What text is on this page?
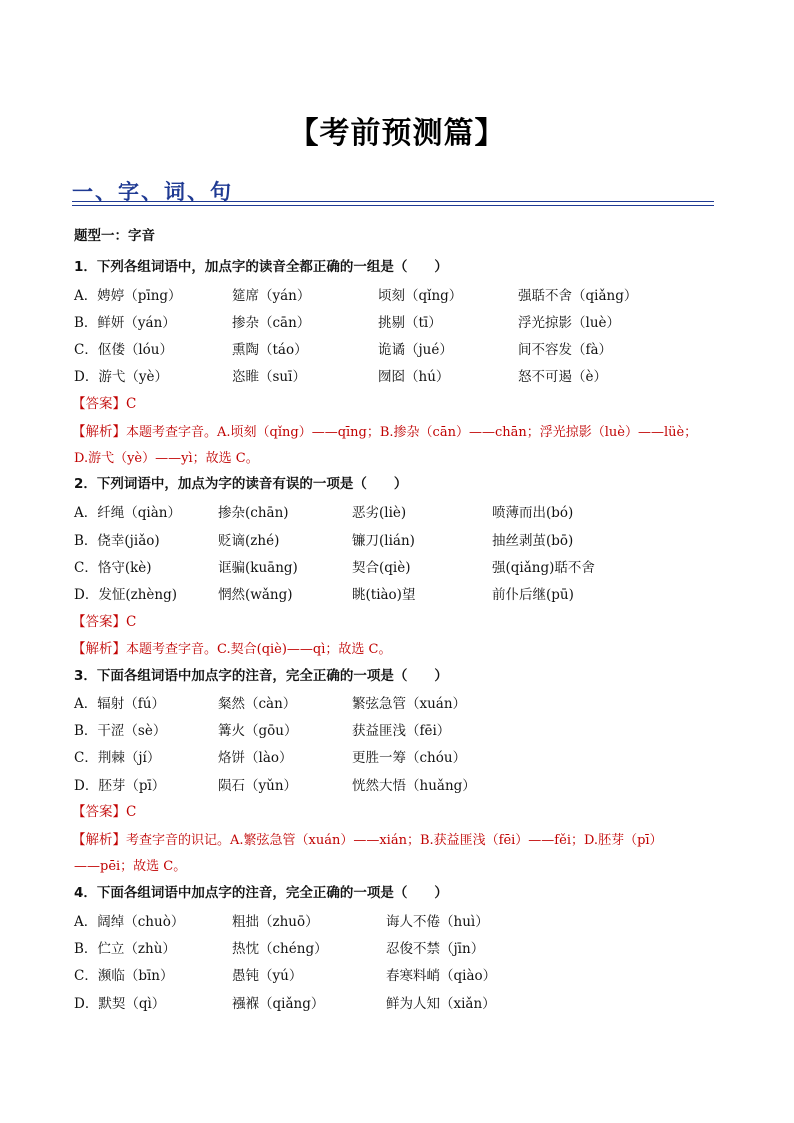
【考前预测篇】
一、字、词、句
题型一：字音
1．下列各组词语中，加点字的读音全都正确的一组是（　　）
A．娉婷（pīng）	筵席（yán）	顷刻（qǐng）	强聒不舍（qiǎng）
B．鲜妍（yán）	掺杂（cān）	挑剔（tī）	浮光掠影（luè）
C．伛偻（lóu）	熏陶（táo）	诡谲（jué）	间不容发（fà）
D．游弋（yè）	恣睢（suī）	囫囵（hú）	怒不可遏（è）
【答案】C
【解析】本题考查字音。A.顷刻（qǐng）——qīng；B.掺杂（cān）——chān；浮光掠影（luè）——lüè；
D.游弋（yè）——yì；故选 C。
2．下列词语中，加点为字的读音有误的一项是（　　）
A．纤绳（qiàn）	掺杂(chān)	恶劣(liè)	喷薄而出(bó)
B．侥幸(jiǎo)	贬谪(zhé)	镰刀(lián)	抽丝剥茧(bō)
C．恪守(kè)	诓骗(kuāng)	契合(qiè)	强(qiǎng)聒不舍
D．发怔(zhèng)	惘然(wǎng)	眺(tiào)望	前仆后继(pū)
【答案】C
【解析】本题考查字音。C.契合(qiè)——qì；故选 C。
3．下面各组词语中加点字的注音，完全正确的一项是（　　）
A．辐射（fú）	粲然（càn）	繁弦急管（xuán）
B．干涩（sè）	篝火（gōu）	获益匪浅（fēi）
C．荆棘（jí）	烙饼（lào）	更胜一筹（chóu）
D．胚芽（pī）	陨石（yǔn）	恍然大悟（huǎng）
【答案】C
【解析】考查字音的识记。A.繁弦急管（xuán）——xián；B.获益匪浅（fēi）——fěi；D.胚芽（pī）
——pēi；故选 C。
4．下面各组词语中加点字的注音，完全正确的一项是（　　）
A．阔绰（chuò）	粗拙（zhuō）	诲人不倦（huì）
B．伫立（zhù）	热忱（chéng）	忍俊不禁（jīn）
C．濒临（bīn）	愚钝（yú）	春寒料峭（qiào）
D．默契（qì）	襁褓（qiǎng）	鲜为人知（xiǎn）
